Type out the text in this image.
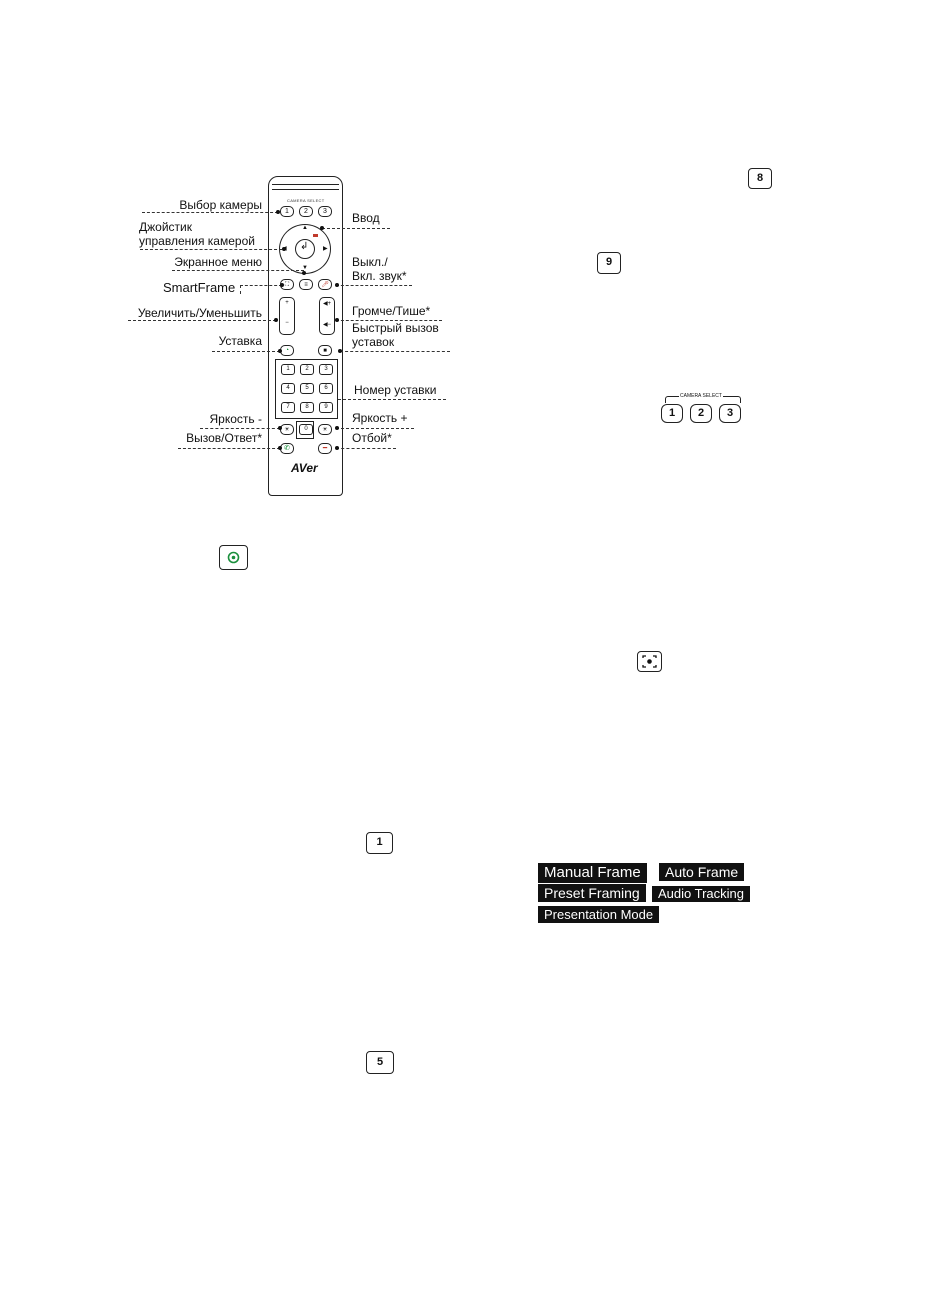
CAMERA SELECT
1	2	3
↲
▲
▼
▶
⛶	≡	🎤︎
+
−
◀+
◀−
◔	■
1	2	3
4	5	6
7	8	9
☀	0	☀
✆	━
AVer
Выбор камеры
Джойстик
управления камерой
Экранное меню
SmartFrame
Увеличить/Уменьшить
Уставка
Яркость -
Вызов/Ответ*
Ввод
Выкл./
Вкл. звук*
Громче/Тише*
Быстрый вызов
уставок
Номер уставки
Яркость +
Отбой*
8
9
CAMERA SELECT
1	2	3
1
5
Manual Frame	Auto Frame
Preset Framing	Audio Tracking
Presentation Mode
